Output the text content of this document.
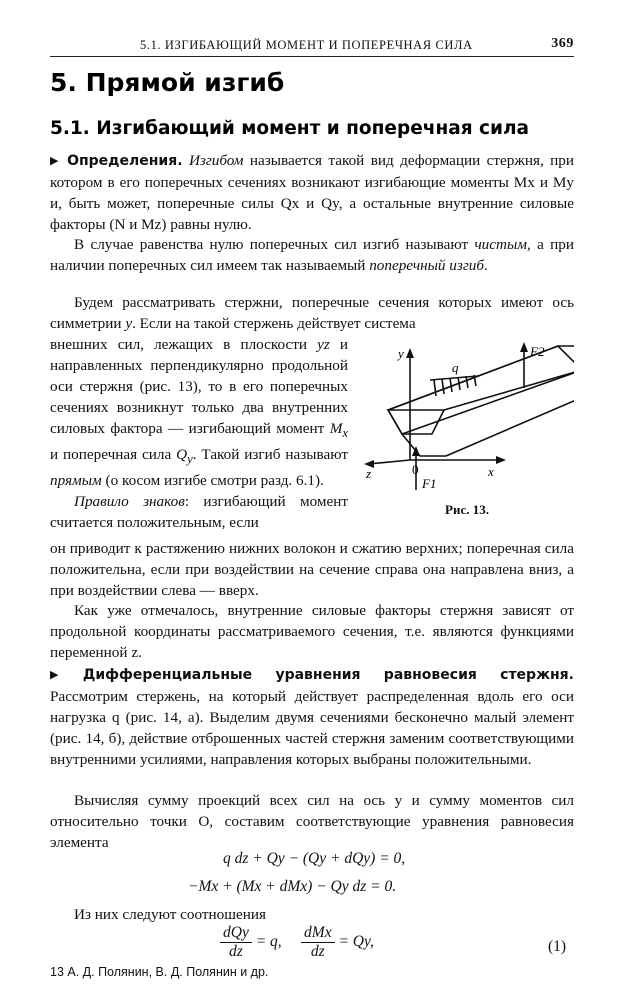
5.1. ИЗГИБАЮЩИЙ МОМЕНТ И ПОПЕРЕЧНАЯ СИЛА	369
5. Прямой изгиб
5.1. Изгибающий момент и поперечная сила

▶ Определения. Изгибом называется такой вид деформации стержня, при котором в его поперечных сечениях возникают изгибающие моменты Mx и My и, быть может, поперечные силы Qx и Qy, а остальные внутренние силовые факторы (N и Mz) равны нулю.

В случае равенства нулю поперечных сил изгиб называют чистым, а при наличии поперечных сил имеем так называемый поперечный изгиб.

Будем рассматривать стержни, поперечные сечения которых имеют ось симметрии y. Если на такой стержень действует система

внешних сил, лежащих в плоскости yz и направленных перпендикулярно продольной оси стержня (рис. 13), то в его поперечных сечениях возникнут только два внутренних силовых фактора — изгибающий момент $M_x$ и поперечная сила $Q_y$. Такой изгиб называют прямым (о косом изгибе смотри разд. 6.1).

Правило знаков: изгибающий момент считается положительным, если

он приводит к растяжению нижних волокон и сжатию верхних; поперечная сила положительна, если при воздействии на сечение справа она направлена вниз, а при воздействии слева — вверх.

Как уже отмечалось, внутренние силовые факторы стержня зависят от продольной координаты рассматриваемого сечения, т.е. являются функциями переменной z.

▶ Дифференциальные уравнения равновесия стержня. Рассмотрим стержень, на который действует распределенная вдоль его оси нагрузка q (рис. 14, а). Выделим двумя сечениями бесконечно малый элемент (рис. 14, б), действие отброшенных частей стержня заменим соответствующими внутренними усилиями, направления которых выбраны положительными.

Вычисляя сумму проекций всех сил на ось y и сумму моментов сил относительно точки O, составим соответствующие уравнения равновесия элемента

q dz + Qy − (Qy + dQy) = 0,
−Mx + (Mx + dMx) − Qy dz = 0.

Из них следуют соотношения

$\frac{\text{dQy}}{dz} = q$, $\frac{\text{dMx}}{dz} = Qy$,	(1)
y
z	x
0
q
F2
F1
Рис. 13.
13 А. Д. Полянин, В. Д. Полянин и др.
